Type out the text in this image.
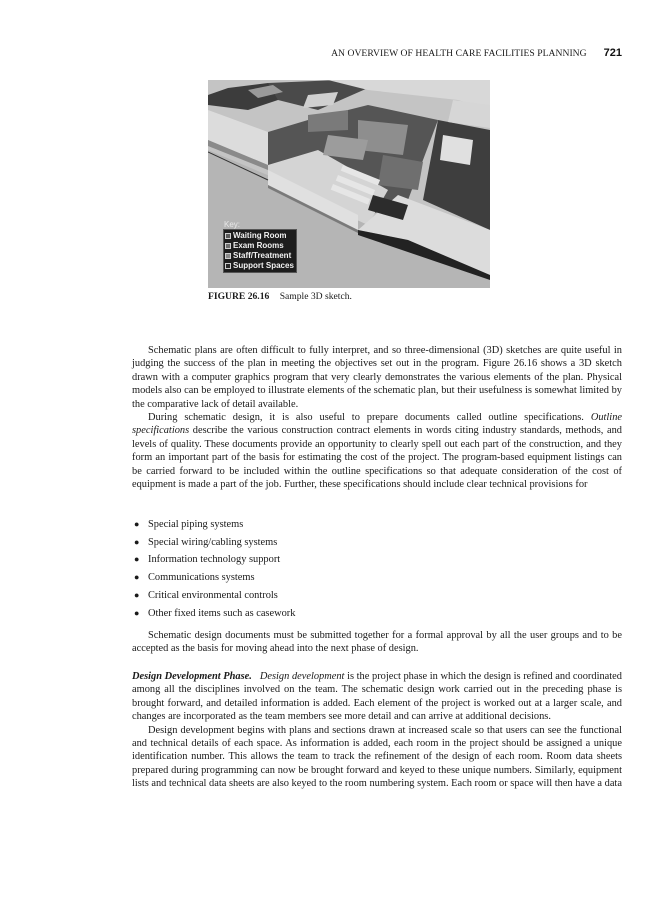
AN OVERVIEW OF HEALTH CARE FACILITIES PLANNING 721
Key:
Waiting Room
Exam Rooms
Staff/Treatment
Support Spaces
FIGURE 26.16 Sample 3D sketch.

Schematic plans are often difficult to fully interpret, and so three-dimensional (3D) sketches are quite useful in judging the success of the plan in meeting the objectives set out in the program. Figure 26.16 shows a 3D sketch drawn with a computer graphics program that very clearly demonstrates the various elements of the plan. Physical models also can be employed to illustrate elements of the schematic plan, but their usefulness is somewhat limited by the comparative lack of detail available.

During schematic design, it is also useful to prepare documents called outline specifications. Outline specifications describe the various construction contract elements in words citing industry standards, methods, and levels of quality. These documents provide an opportunity to clearly spell out each part of the construction, and they form an important part of the basis for estimating the cost of the project. The program-based equipment listings can be carried forward to be included within the outline specifications so that adequate consideration of the cost of equipment is made a part of the job. Further, these specifications should include clear technical provisions for

● Special piping systems
● Special wiring/cabling systems
● Information technology support
● Communications systems
● Critical environmental controls
● Other fixed items such as casework

Schematic design documents must be submitted together for a formal approval by all the user groups and to be accepted as the basis for moving ahead into the next phase of design.

Design Development Phase. Design development is the project phase in which the design is refined and coordinated among all the disciplines involved on the team. The schematic design work carried out in the preceding phase is brought forward, and detailed information is added. Each element of the project is worked out at a larger scale, and changes are incorporated as the team members see more detail and can arrive at additional decisions.

Design development begins with plans and sections drawn at increased scale so that users can see the functional and technical details of each space. As information is added, each room in the project should be assigned a unique identification number. This allows the team to track the refinement of the design of each room. Room data sheets prepared during programming can now be brought forward and keyed to these unique numbers. Similarly, equipment lists and technical data sheets are also keyed to the room numbering system. Each room or space will then have a data
